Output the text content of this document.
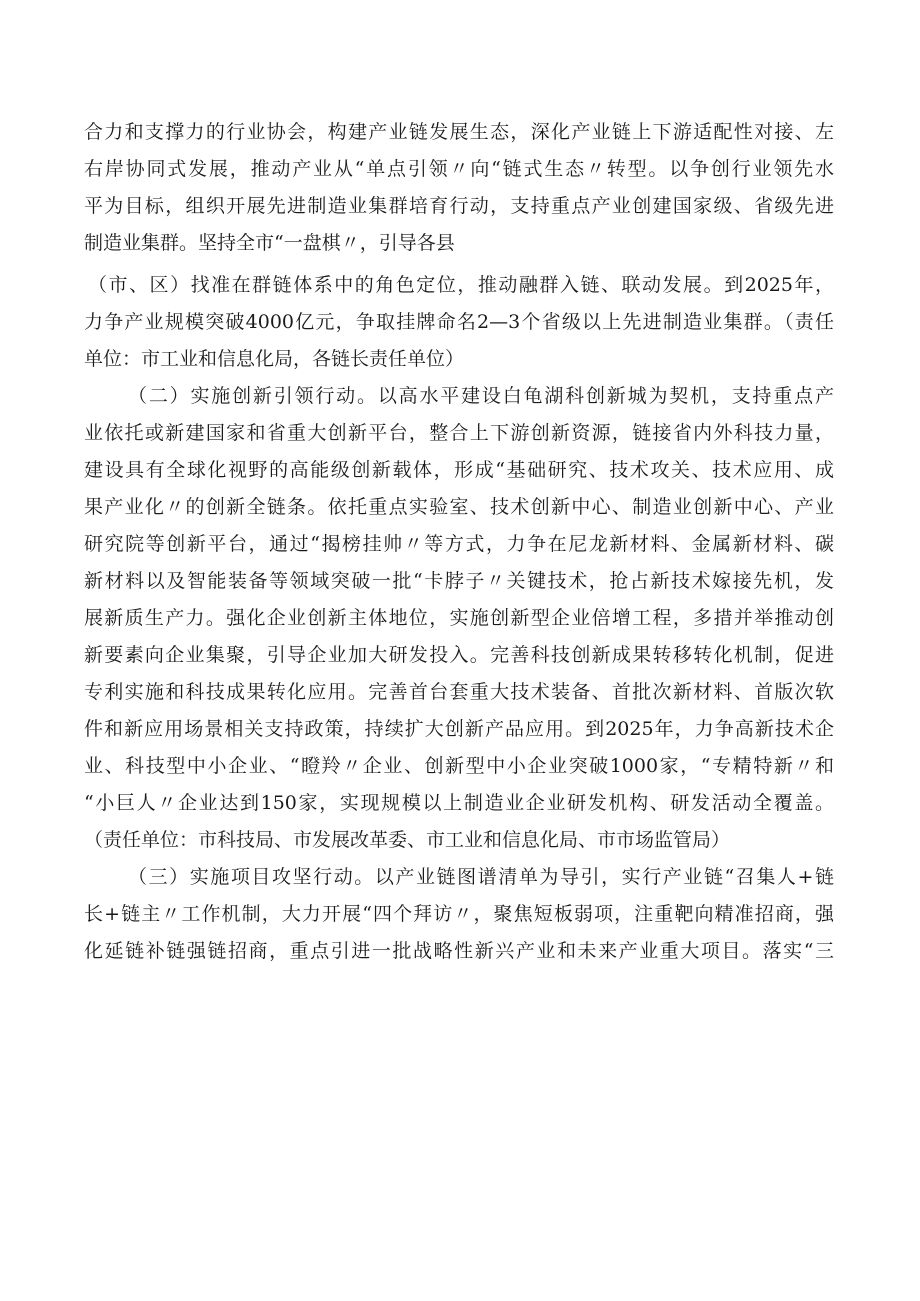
合力和支撑力的行业协会，构建产业链发展生态，深化产业链上下游适配性对接、左
右岸协同式发展，推动产业从“单点引领〃向“链式生态〃转型。以争创行业领先水
平为目标，组织开展先进制造业集群培育行动，支持重点产业创建国家级、省级先进
制造业集群。坚持全市“一盘棋〃，引导各县
（市、区）找准在群链体系中的角色定位，推动融群入链、联动发展。到2025年，
力争产业规模突破4000亿元，争取挂牌命名2—3个省级以上先进制造业集群。（责任
单位：市工业和信息化局，各链长责任单位）
（二）实施创新引领行动。以高水平建设白龟湖科创新城为契机，支持重点产
业依托或新建国家和省重大创新平台，整合上下游创新资源，链接省内外科技力量，
建设具有全球化视野的高能级创新载体，形成“基础研究、技术攻关、技术应用、成
果产业化〃的创新全链条。依托重点实验室、技术创新中心、制造业创新中心、产业
研究院等创新平台，通过“揭榜挂帅〃等方式，力争在尼龙新材料、金属新材料、碳
新材料以及智能装备等领域突破一批“卡脖子〃关键技术，抢占新技术嫁接先机，发
展新质生产力。强化企业创新主体地位，实施创新型企业倍增工程，多措并举推动创
新要素向企业集聚，引导企业加大研发投入。完善科技创新成果转移转化机制，促进
专利实施和科技成果转化应用。完善首台套重大技术装备、首批次新材料、首版次软
件和新应用场景相关支持政策，持续扩大创新产品应用。到2025年，力争高新技术企
业、科技型中小企业、“瞪羚〃企业、创新型中小企业突破1000家，“专精特新〃和
“小巨人〃企业达到150家，实现规模以上制造业企业研发机构、研发活动全覆盖。
（责任单位：市科技局、市发展改革委、市工业和信息化局、市市场监管局）
（三）实施项目攻坚行动。以产业链图谱清单为导引，实行产业链“召集人+链
长+链主〃工作机制，大力开展“四个拜访〃，聚焦短板弱项，注重靶向精准招商，强
化延链补链强链招商，重点引进一批战略性新兴产业和未来产业重大项目。落实“三
